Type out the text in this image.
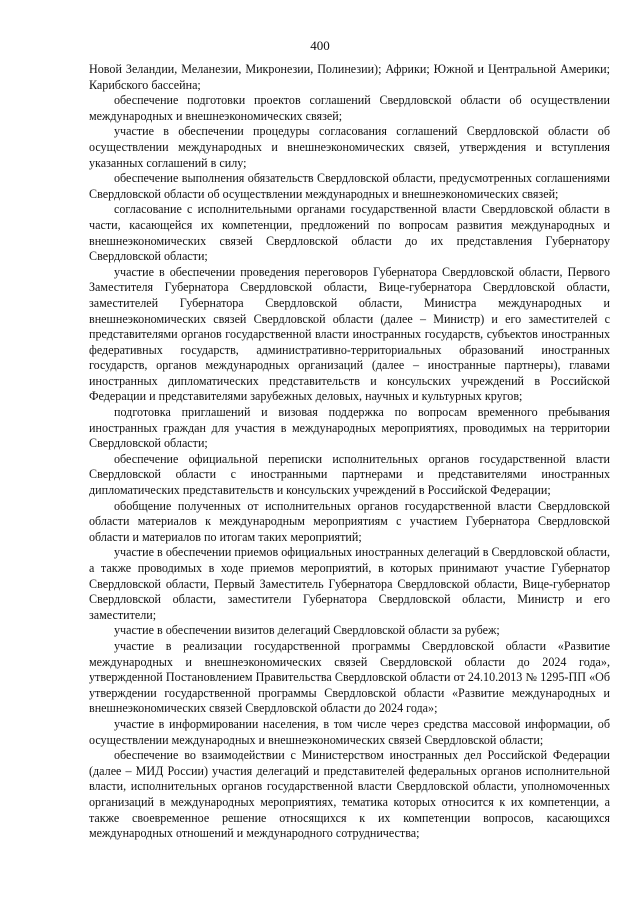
400

Новой Зеландии, Меланезии, Микронезии, Полинезии); Африки; Южной и Центральной Америки; Карибского бассейна;

обеспечение подготовки проектов соглашений Свердловской области об осуществлении международных и внешнеэкономических связей;

участие в обеспечении процедуры согласования соглашений Свердловской области об осуществлении международных и внешнеэкономических связей, утверждения и вступления указанных соглашений в силу;

обеспечение выполнения обязательств Свердловской области, предусмотренных соглашениями Свердловской области об осуществлении международных и внешнеэкономических связей;

согласование с исполнительными органами государственной власти Свердловской области в части, касающейся их компетенции, предложений по вопросам развития международных и внешнеэкономических связей Свердловской области до их представления Губернатору Свердловской области;

участие в обеспечении проведения переговоров Губернатора Свердловской области, Первого Заместителя Губернатора Свердловской области, Вице-губернатора Свердловской области, заместителей Губернатора Свердловской области, Министра международных и внешнеэкономических связей Свердловской области (далее – Министр) и его заместителей с представителями органов государственной власти иностранных государств, субъектов иностранных федеративных государств, административно-территориальных образований иностранных государств, органов международных организаций (далее – иностранные партнеры), главами иностранных дипломатических представительств и консульских учреждений в Российской Федерации и представителями зарубежных деловых, научных и культурных кругов;

подготовка приглашений и визовая поддержка по вопросам временного пребывания иностранных граждан для участия в международных мероприятиях, проводимых на территории Свердловской области;

обеспечение официальной переписки исполнительных органов государственной власти Свердловской области с иностранными партнерами и представителями иностранных дипломатических представительств и консульских учреждений в Российской Федерации;

обобщение полученных от исполнительных органов государственной власти Свердловской области материалов к международным мероприятиям с участием Губернатора Свердловской области и материалов по итогам таких мероприятий;

участие в обеспечении приемов официальных иностранных делегаций в Свердловской области, а также проводимых в ходе приемов мероприятий, в которых принимают участие Губернатор Свердловской области, Первый Заместитель Губернатора Свердловской области, Вице-губернатор Свердловской области, заместители Губернатора Свердловской области, Министр и его заместители;

участие в обеспечении визитов делегаций Свердловской области за рубеж;

участие в реализации государственной программы Свердловской области «Развитие международных и внешнеэкономических связей Свердловской области до 2024 года», утвержденной Постановлением Правительства Свердловской области от 24.10.2013 № 1295-ПП «Об утверждении государственной программы Свердловской области «Развитие международных и внешнеэкономических связей Свердловской области до 2024 года»;

участие в информировании населения, в том числе через средства массовой информации, об осуществлении международных и внешнеэкономических связей Свердловской области;

обеспечение во взаимодействии с Министерством иностранных дел Российской Федерации (далее – МИД России) участия делегаций и представителей федеральных органов исполнительной власти, исполнительных органов государственной власти Свердловской области, уполномоченных организаций в международных мероприятиях, тематика которых относится к их компетенции, а также своевременное решение относящихся к их компетенции вопросов, касающихся международных отношений и международного сотрудничества;
